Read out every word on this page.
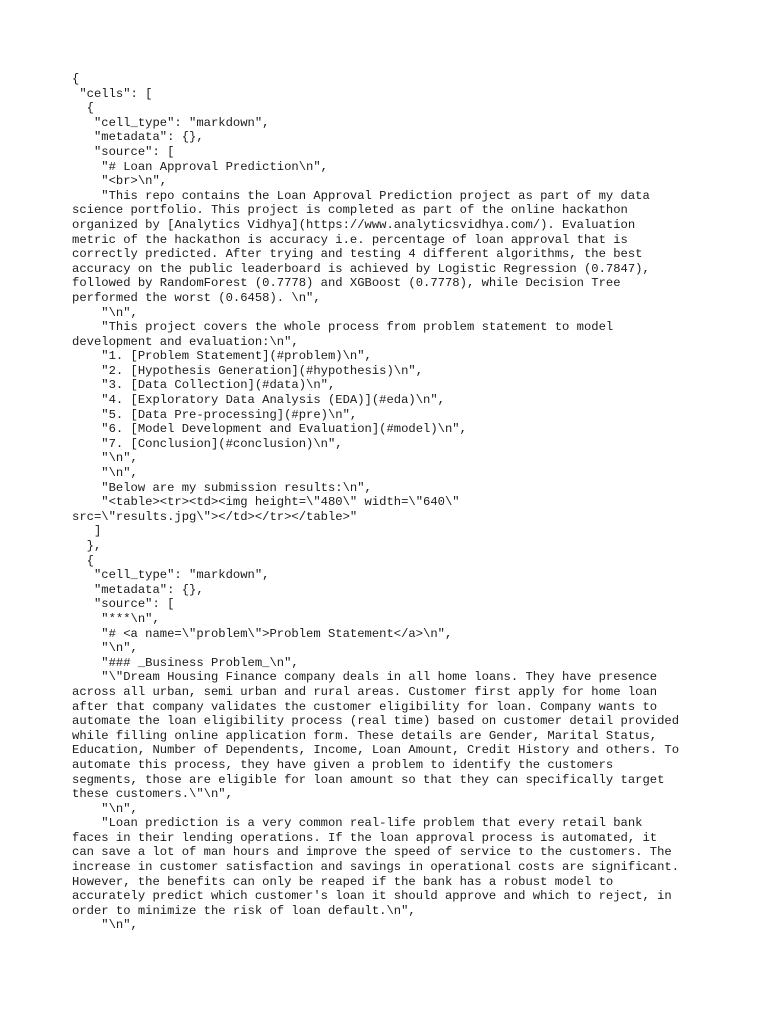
{
"cells": [
{
"cell_type": "markdown",
"metadata": {},
"source": [
"# Loan Approval Prediction\n",
"<br>\n",
"This repo contains the Loan Approval Prediction project as part of my data
science portfolio. This project is completed as part of the online hackathon
organized by [Analytics Vidhya](https://www.analyticsvidhya.com/). Evaluation
metric of the hackathon is accuracy i.e. percentage of loan approval that is
correctly predicted. After trying and testing 4 different algorithms, the best
accuracy on the public leaderboard is achieved by Logistic Regression (0.7847),
followed by RandomForest (0.7778) and XGBoost (0.7778), while Decision Tree
performed the worst (0.6458). \n",
"\n",
"This project covers the whole process from problem statement to model
development and evaluation:\n",
"1. [Problem Statement](#problem)\n",
"2. [Hypothesis Generation](#hypothesis)\n",
"3. [Data Collection](#data)\n",
"4. [Exploratory Data Analysis (EDA)](#eda)\n",
"5. [Data Pre-processing](#pre)\n",
"6. [Model Development and Evaluation](#model)\n",
"7. [Conclusion](#conclusion)\n",
"\n",
"\n",
"Below are my submission results:\n",
"<table><tr><td><img height=\"480\" width=\"640\"
src=\"results.jpg\"></td></tr></table>"
]
},
{
"cell_type": "markdown",
"metadata": {},
"source": [
"***\n",
"# <a name=\"problem\">Problem Statement</a>\n",
"\n",
"### _Business Problem_\n",
"\"Dream Housing Finance company deals in all home loans. They have presence
across all urban, semi urban and rural areas. Customer first apply for home loan
after that company validates the customer eligibility for loan. Company wants to
automate the loan eligibility process (real time) based on customer detail provided
while filling online application form. These details are Gender, Marital Status,
Education, Number of Dependents, Income, Loan Amount, Credit History and others. To
automate this process, they have given a problem to identify the customers
segments, those are eligible for loan amount so that they can specifically target
these customers.\"\n",
"\n",
"Loan prediction is a very common real-life problem that every retail bank
faces in their lending operations. If the loan approval process is automated, it
can save a lot of man hours and improve the speed of service to the customers. The
increase in customer satisfaction and savings in operational costs are significant.
However, the benefits can only be reaped if the bank has a robust model to
accurately predict which customer's loan it should approve and which to reject, in
order to minimize the risk of loan default.\n",
"\n",
